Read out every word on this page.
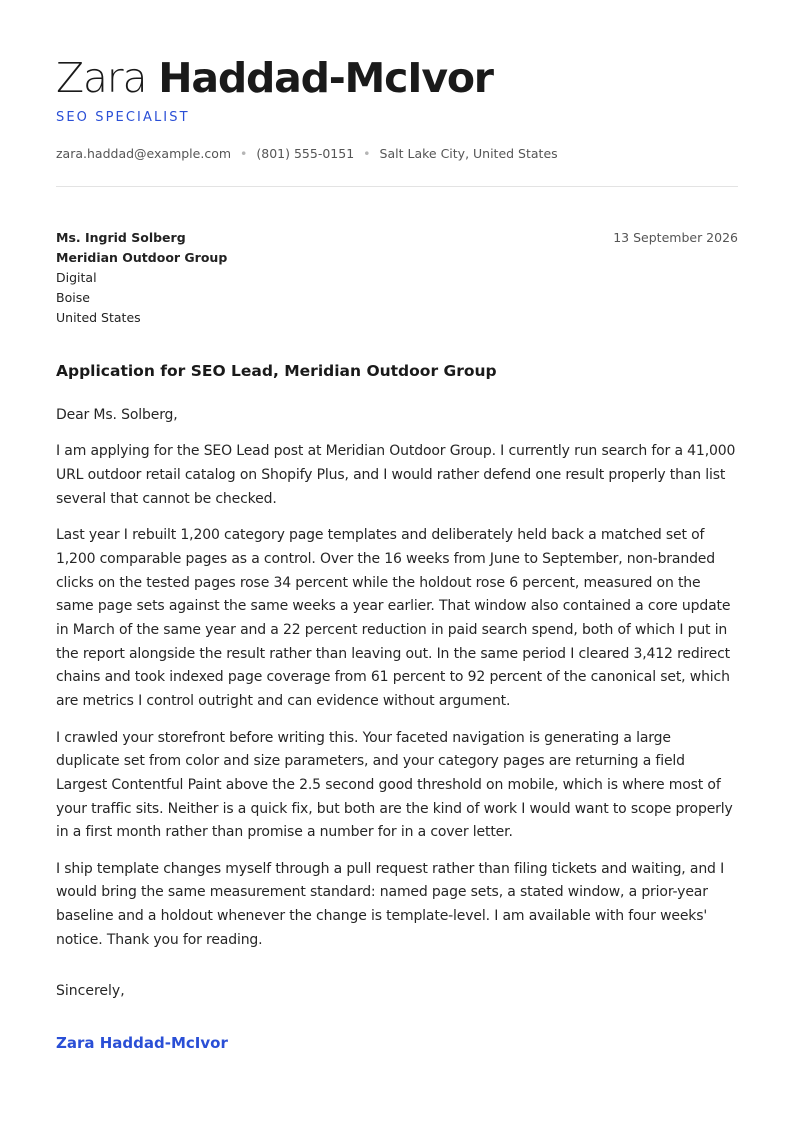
Zara Haddad-McIvor
SEO SPECIALIST
zara.haddad@example.com • (801) 555-0151 • Salt Lake City, United States
Ms. Ingrid Solberg
Meridian Outdoor Group
Digital
Boise
United States
13 September 2026
Application for SEO Lead, Meridian Outdoor Group

Dear Ms. Solberg,

I am applying for the SEO Lead post at Meridian Outdoor Group. I currently run search for a 41,000 URL outdoor retail catalog on Shopify Plus, and I would rather defend one result properly than list several that cannot be checked.

Last year I rebuilt 1,200 category page templates and deliberately held back a matched set of 1,200 comparable pages as a control. Over the 16 weeks from June to September, non-branded clicks on the tested pages rose 34 percent while the holdout rose 6 percent, measured on the same page sets against the same weeks a year earlier. That window also contained a core update in March of the same year and a 22 percent reduction in paid search spend, both of which I put in the report alongside the result rather than leaving out. In the same period I cleared 3,412 redirect chains and took indexed page coverage from 61 percent to 92 percent of the canonical set, which are metrics I control outright and can evidence without argument.

I crawled your storefront before writing this. Your faceted navigation is generating a large duplicate set from color and size parameters, and your category pages are returning a field Largest Contentful Paint above the 2.5 second good threshold on mobile, which is where most of your traffic sits. Neither is a quick fix, but both are the kind of work I would want to scope properly in a first month rather than promise a number for in a cover letter.

I ship template changes myself through a pull request rather than filing tickets and waiting, and I would bring the same measurement standard: named page sets, a stated window, a prior-year baseline and a holdout whenever the change is template-level. I am available with four weeks' notice. Thank you for reading.

Sincerely,
Zara Haddad-McIvor
